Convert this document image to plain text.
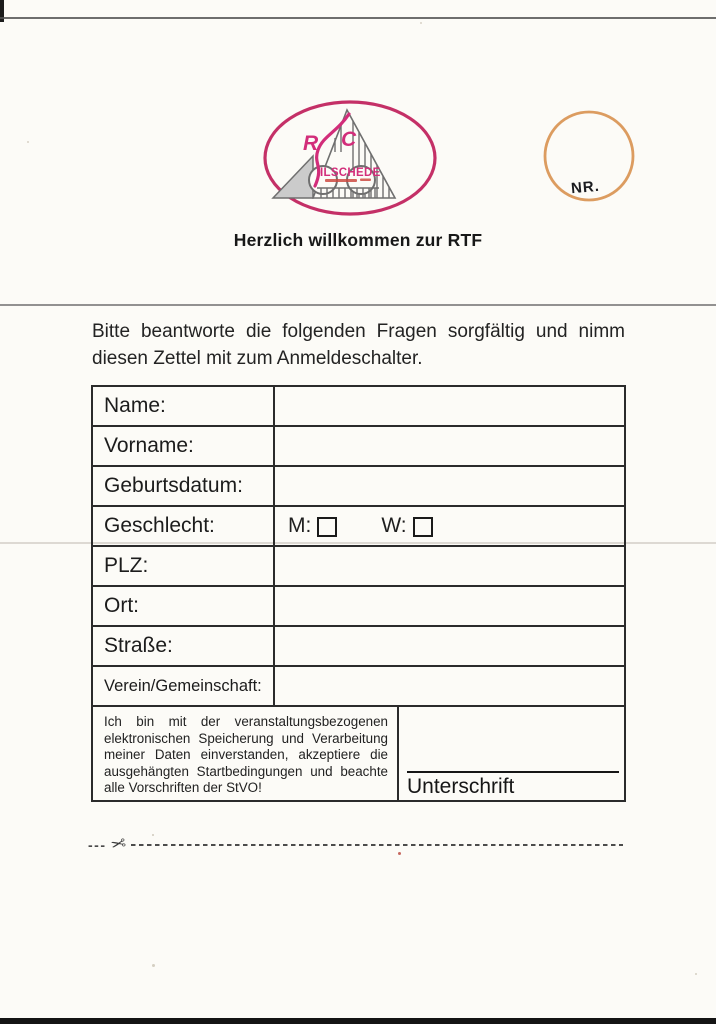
R C
ILSCHEDE
NR.
Herzlich willkommen zur RTF

Bitte beantworte die folgenden Fragen sorgfältig und nimm diesen Zettel mit zum Anmeldeschalter.

Name:
Vorname:
Geburtsdatum:
Geschlecht:	M:	W:
PLZ:
Ort:
Straße:
Verein/Gemeinschaft:
Ich bin mit der veranstaltungsbezogenen elektronischen Speicherung und Verarbeitung meiner Daten einverstanden, akzeptiere die ausgehängten Startbedingungen und beachte alle Vorschriften der StVO!	Unterschrift
--- ✂
